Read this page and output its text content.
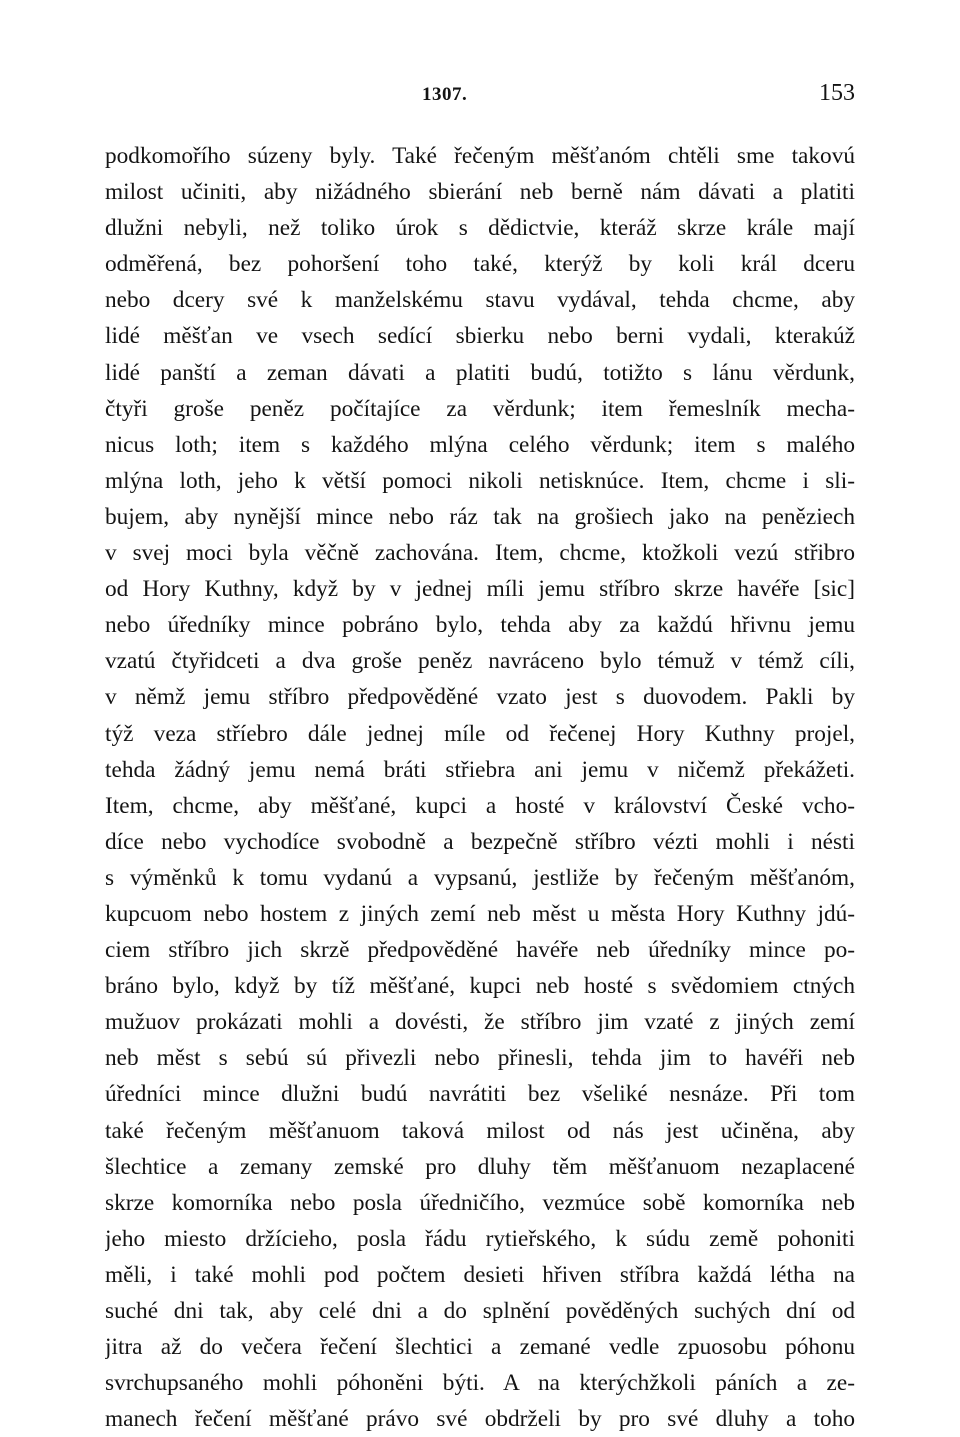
1307.	153
podkomořího súzeny byly. Také řečeným měšťanóm chtěli sme takovú
milost učiniti, aby nižádného sbierání neb berně nám dávati a platiti
dlužni nebyli, než toliko úrok s dědictvie, kteráž skrze krále mají
odměřená, bez pohoršení toho také, kterýž by koli král dceru
nebo dcery své k manželskému stavu vydával, tehda chcme, aby
lidé měšťan ve vsech sedící sbierku nebo berni vydali, kterakúž
lidé panští a zeman dávati a platiti budú, totižto s lánu věrdunk,
čtyři groše peněz počítajíce za věrdunk; item řemeslník mecha-
nicus loth; item s každého mlýna celého věrdunk; item s malého
mlýna loth, jeho k větší pomoci nikoli netisknúce. Item, chcme i sli-
bujem, aby nynější mince nebo ráz tak na grošiech jako na peněziech
v svej moci byla věčně zachována. Item, chcme, ktožkoli vezú střibro
od Hory Kuthny, když by v jednej míli jemu stříbro skrze havéře [sic]
nebo úředníky mince pobráno bylo, tehda aby za každú hřivnu jemu
vzatú čtyřidceti a dva groše peněz navráceno bylo témuž v témž cíli,
v němž jemu stříbro předpověděné vzato jest s duovodem. Pakli by
týž veza stříebro dále jednej míle od řečenej Hory Kuthny projel,
tehda žádný jemu nemá bráti střiebra ani jemu v ničemž překážeti.
Item, chcme, aby měšťané, kupci a hosté v království České vcho-
díce nebo vychodíce svobodně a bezpečně stříbro vézti mohli i nésti
s výměnků k tomu vydanú a vypsanú, jestliže by řečeným měšťanóm,
kupcuom nebo hostem z jiných zemí neb měst u města Hory Kuthny jdú-
ciem stříbro jich skrzě předpověděné havéře neb úředníky mince po-
bráno bylo, když by tíž měšťané, kupci neb hosté s svědomiem ctných
mužuov prokázati mohli a dovésti, že stříbro jim vzaté z jiných zemí
neb měst s sebú sú přivezli nebo přinesli, tehda jim to havéři neb
úředníci mince dlužni budú navrátiti bez všeliké nesnáze. Při tom
také řečeným měšťanuom taková milost od nás jest učiněna, aby
šlechtice a zemany zemské pro dluhy těm měšťanuom nezaplacené
skrze komorníka nebo posla úředničího, vezmúce sobě komorníka neb
jeho miesto držícieho, posla řádu rytieřského, k súdu země pohoniti
měli, i také mohli pod počtem desieti hřiven stříbra každá létha na
suché dni tak, aby celé dni a do splnění pověděných suchých dní od
jitra až do večera řečení šlechtici a zemané vedle zpuosobu póhonu
svrchupsaného mohli póhoněni býti. A na kterýchžkoli páních a ze-
manech řečení měšťané právo své obdrželi by pro své dluhy a toho
